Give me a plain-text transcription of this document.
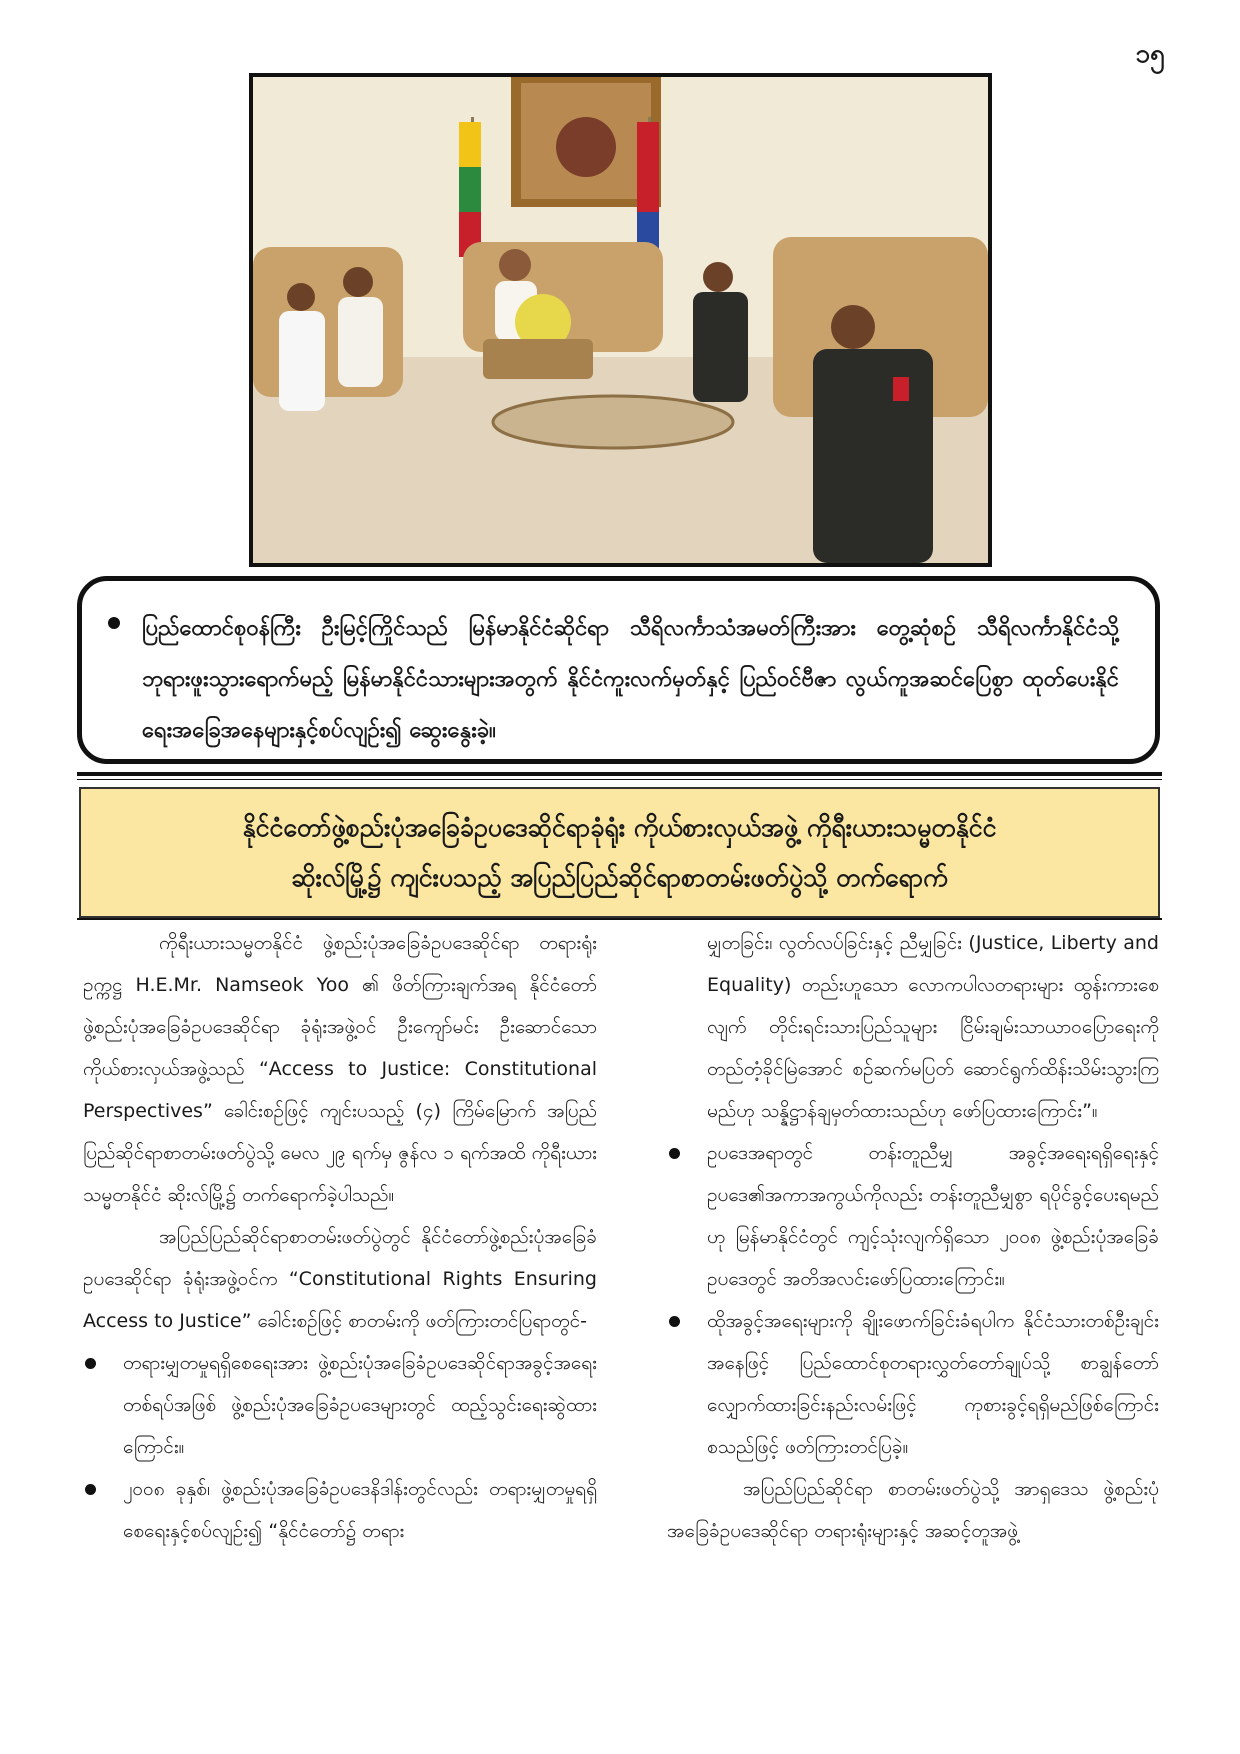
၁၅
ပြည်ထောင်စုဝန်ကြီး ဦးမြင့်ကြိုင်သည် မြန်မာနိုင်ငံဆိုင်ရာ သီရိလင်္ကာသံအမတ်ကြီးအား တွေ့ဆုံစဉ် သီရိလင်္ကာနိုင်ငံသို့ ဘုရားဖူးသွားရောက်မည့် မြန်မာနိုင်ငံသားများအတွက် နိုင်ငံကူးလက်မှတ်နှင့် ပြည်ဝင်ဗီဇာ လွယ်ကူအဆင်ပြေစွာ ထုတ်ပေးနိုင်ရေးအခြေအနေများနှင့်စပ်လျဉ်း၍ ဆွေးနွေးခဲ့။
နိုင်ငံတော်ဖွဲ့စည်းပုံအခြေခံဥပဒေဆိုင်ရာခုံရုံး ကိုယ်စားလှယ်အဖွဲ့ ကိုရီးယားသမ္မတနိုင်ငံ
ဆိုးလ်မြို့၌ ကျင်းပသည့် အပြည်ပြည်ဆိုင်ရာစာတမ်းဖတ်ပွဲသို့ တက်ရောက်

ကိုရီးယားသမ္မတနိုင်ငံ ဖွဲ့စည်းပုံအခြေခံဥပဒေဆိုင်ရာ တရားရုံးဥက္ကဋ္ဌ H.E.Mr. Namseok Yoo ၏ ဖိတ်ကြားချက်အရ နိုင်ငံတော်ဖွဲ့စည်းပုံအခြေခံဥပဒေဆိုင်ရာ ခုံရုံးအဖွဲ့ဝင် ဦးကျော်မင်း ဦးဆောင်သောကိုယ်စားလှယ်အဖွဲ့သည် “Access to Justice: Constitutional Perspectives” ခေါင်းစဉ်ဖြင့် ကျင်းပသည့် (၄) ကြိမ်မြောက် အပြည်ပြည်ဆိုင်ရာစာတမ်းဖတ်ပွဲသို့ မေလ ၂၉ ရက်မှ ဇွန်လ ၁ ရက်အထိ ကိုရီးယား သမ္မတနိုင်ငံ ဆိုးလ်မြို့၌ တက်ရောက်ခဲ့ပါသည်။

အပြည်ပြည်ဆိုင်ရာစာတမ်းဖတ်ပွဲတွင် နိုင်ငံတော်ဖွဲ့စည်းပုံအခြေခံဥပဒေဆိုင်ရာ ခုံရုံးအဖွဲ့ဝင်က “Constitutional Rights Ensuring Access to Justice” ခေါင်းစဉ်ဖြင့် စာတမ်းကို ဖတ်ကြားတင်ပြရာတွင်-

တရားမျှတမှုရရှိစေရေးအား ဖွဲ့စည်းပုံအခြေခံဥပဒေဆိုင်ရာအခွင့်အရေး တစ်ရပ်အဖြစ် ဖွဲ့စည်းပုံအခြေခံဥပဒေများတွင် ထည့်သွင်းရေးဆွဲထားကြောင်း။

၂၀၀၈ ခုနှစ်၊ ဖွဲ့စည်းပုံအခြေခံဥပဒေနိဒါန်းတွင်လည်း တရားမျှတမှုရရှိစေရေးနှင့်စပ်လျဉ်း၍ “နိုင်ငံတော်၌ တရား

မျှတခြင်း၊ လွတ်လပ်ခြင်းနှင့် ညီမျှခြင်း (Justice, Liberty and Equality) တည်းဟူသော လောကပါလတရားများ ထွန်းကားစေလျက် တိုင်းရင်းသားပြည်သူများ ငြိမ်းချမ်းသာယာဝပြောရေးကို တည်တံ့ခိုင်မြဲအောင် စဉ်ဆက်မပြတ် ဆောင်ရွက်ထိန်းသိမ်းသွားကြမည်ဟု သန္နိဋ္ဌာန်ချမှတ်ထားသည်ဟု ဖော်ပြထားကြောင်း”။

ဥပဒေအရာတွင် တန်းတူညီမျှ အခွင့်အရေးရရှိရေးနှင့် ဥပဒေ၏အကာအကွယ်ကိုလည်း တန်းတူညီမျှစွာ ရပိုင်ခွင့်ပေးရမည်ဟု မြန်မာနိုင်ငံတွင် ကျင့်သုံးလျက်ရှိသော ၂၀၀၈ ဖွဲ့စည်းပုံအခြေခံဥပဒေတွင် အတိအလင်းဖော်ပြထားကြောင်း။

ထိုအခွင့်အရေးများကို ချိုးဖောက်ခြင်းခံရပါက နိုင်ငံသားတစ်ဦးချင်းအနေဖြင့် ပြည်ထောင်စုတရားလွှတ်တော်ချုပ်သို့ စာချွန်တော်လျှောက်ထားခြင်းနည်းလမ်းဖြင့် ကုစားခွင့်ရရှိမည်ဖြစ်ကြောင်း စသည်ဖြင့် ဖတ်ကြားတင်ပြခဲ့။

အပြည်ပြည်ဆိုင်ရာ စာတမ်းဖတ်ပွဲသို့ အာရှဒေသ ဖွဲ့စည်းပုံအခြေခံဥပဒေဆိုင်ရာ တရားရုံးများနှင့် အဆင့်တူအဖွဲ့
